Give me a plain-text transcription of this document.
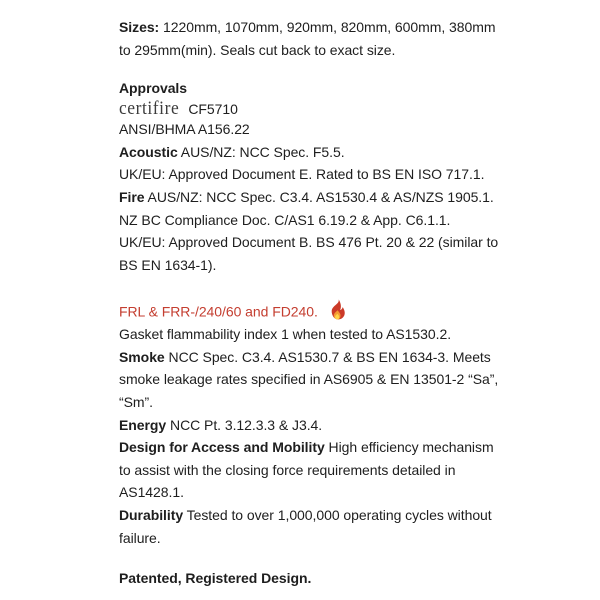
Sizes: 1220mm, 1070mm, 920mm, 820mm, 600mm, 380mm
to 295mm(min). Seals cut back to exact size.
Approvals
certifire CF5710
ANSI/BHMA A156.22
Acoustic AUS/NZ: NCC Spec. F5.5.
UK/EU: Approved Document E. Rated to BS EN ISO 717.1.
Fire AUS/NZ: NCC Spec. C3.4. AS1530.4 & AS/NZS 1905.1.
NZ BC Compliance Doc. C/AS1 6.19.2 & App. C6.1.1.
UK/EU: Approved Document B. BS 476 Pt. 20 & 22 (similar to
BS EN 1634-1).
FRL & FRR-/240/60 and FD240.

Gasket flammability index 1 when tested to AS1530.2.
Smoke NCC Spec. C3.4. AS1530.7 & BS EN 1634-3. Meets
smoke leakage rates specified in AS6905 & EN 13501-2 “Sa”,
“Sm”.
Energy NCC Pt. 3.12.3.3 & J3.4.
Design for Access and Mobility High efficiency mechanism
to assist with the closing force requirements detailed in
AS1428.1.
Durability Tested to over 1,000,000 operating cycles without
failure.
Patented, Registered Design.
